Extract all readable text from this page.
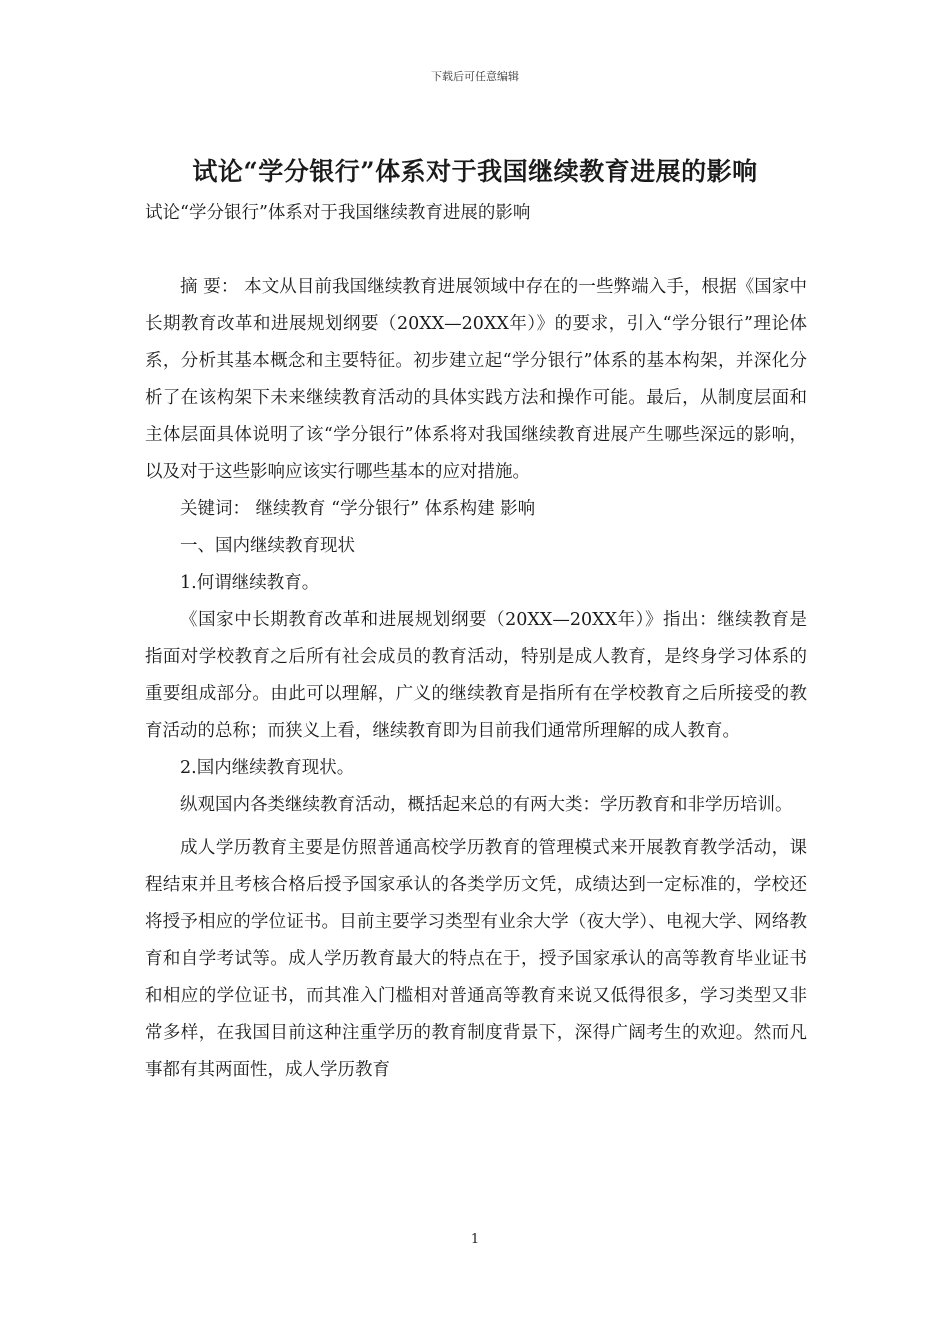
下载后可任意编辑
试论“学分银行”体系对于我国继续教育进展的影响

试论“学分银行”体系对于我国继续教育进展的影响

摘 要： 本文从目前我国继续教育进展领域中存在的一些弊端入手，根据《国家中长期教育改革和进展规划纲要（20XX—20XX年）》的要求，引入“学分银行”理论体系，分析其基本概念和主要特征。初步建立起“学分银行”体系的基本构架，并深化分析了在该构架下未来继续教育活动的具体实践方法和操作可能。最后，从制度层面和主体层面具体说明了该“学分银行”体系将对我国继续教育进展产生哪些深远的影响，以及对于这些影响应该实行哪些基本的应对措施。

关键词： 继续教育 “学分银行” 体系构建 影响

一、国内继续教育现状

1.何谓继续教育。

《国家中长期教育改革和进展规划纲要（20XX—20XX年）》指出：继续教育是指面对学校教育之后所有社会成员的教育活动，特别是成人教育，是终身学习体系的重要组成部分。由此可以理解，广义的继续教育是指所有在学校教育之后所接受的教育活动的总称；而狭义上看，继续教育即为目前我们通常所理解的成人教育。

2.国内继续教育现状。

纵观国内各类继续教育活动，概括起来总的有两大类：学历教育和非学历培训。

成人学历教育主要是仿照普通高校学历教育的管理模式来开展教育教学活动，课程结束并且考核合格后授予国家承认的各类学历文凭，成绩达到一定标准的，学校还将授予相应的学位证书。目前主要学习类型有业余大学（夜大学）、电视大学、网络教育和自学考试等。成人学历教育最大的特点在于，授予国家承认的高等教育毕业证书和相应的学位证书，而其准入门槛相对普通高等教育来说又低得很多，学习类型又非常多样，在我国目前这种注重学历的教育制度背景下，深得广阔考生的欢迎。然而凡事都有其两面性，成人学历教育

1
